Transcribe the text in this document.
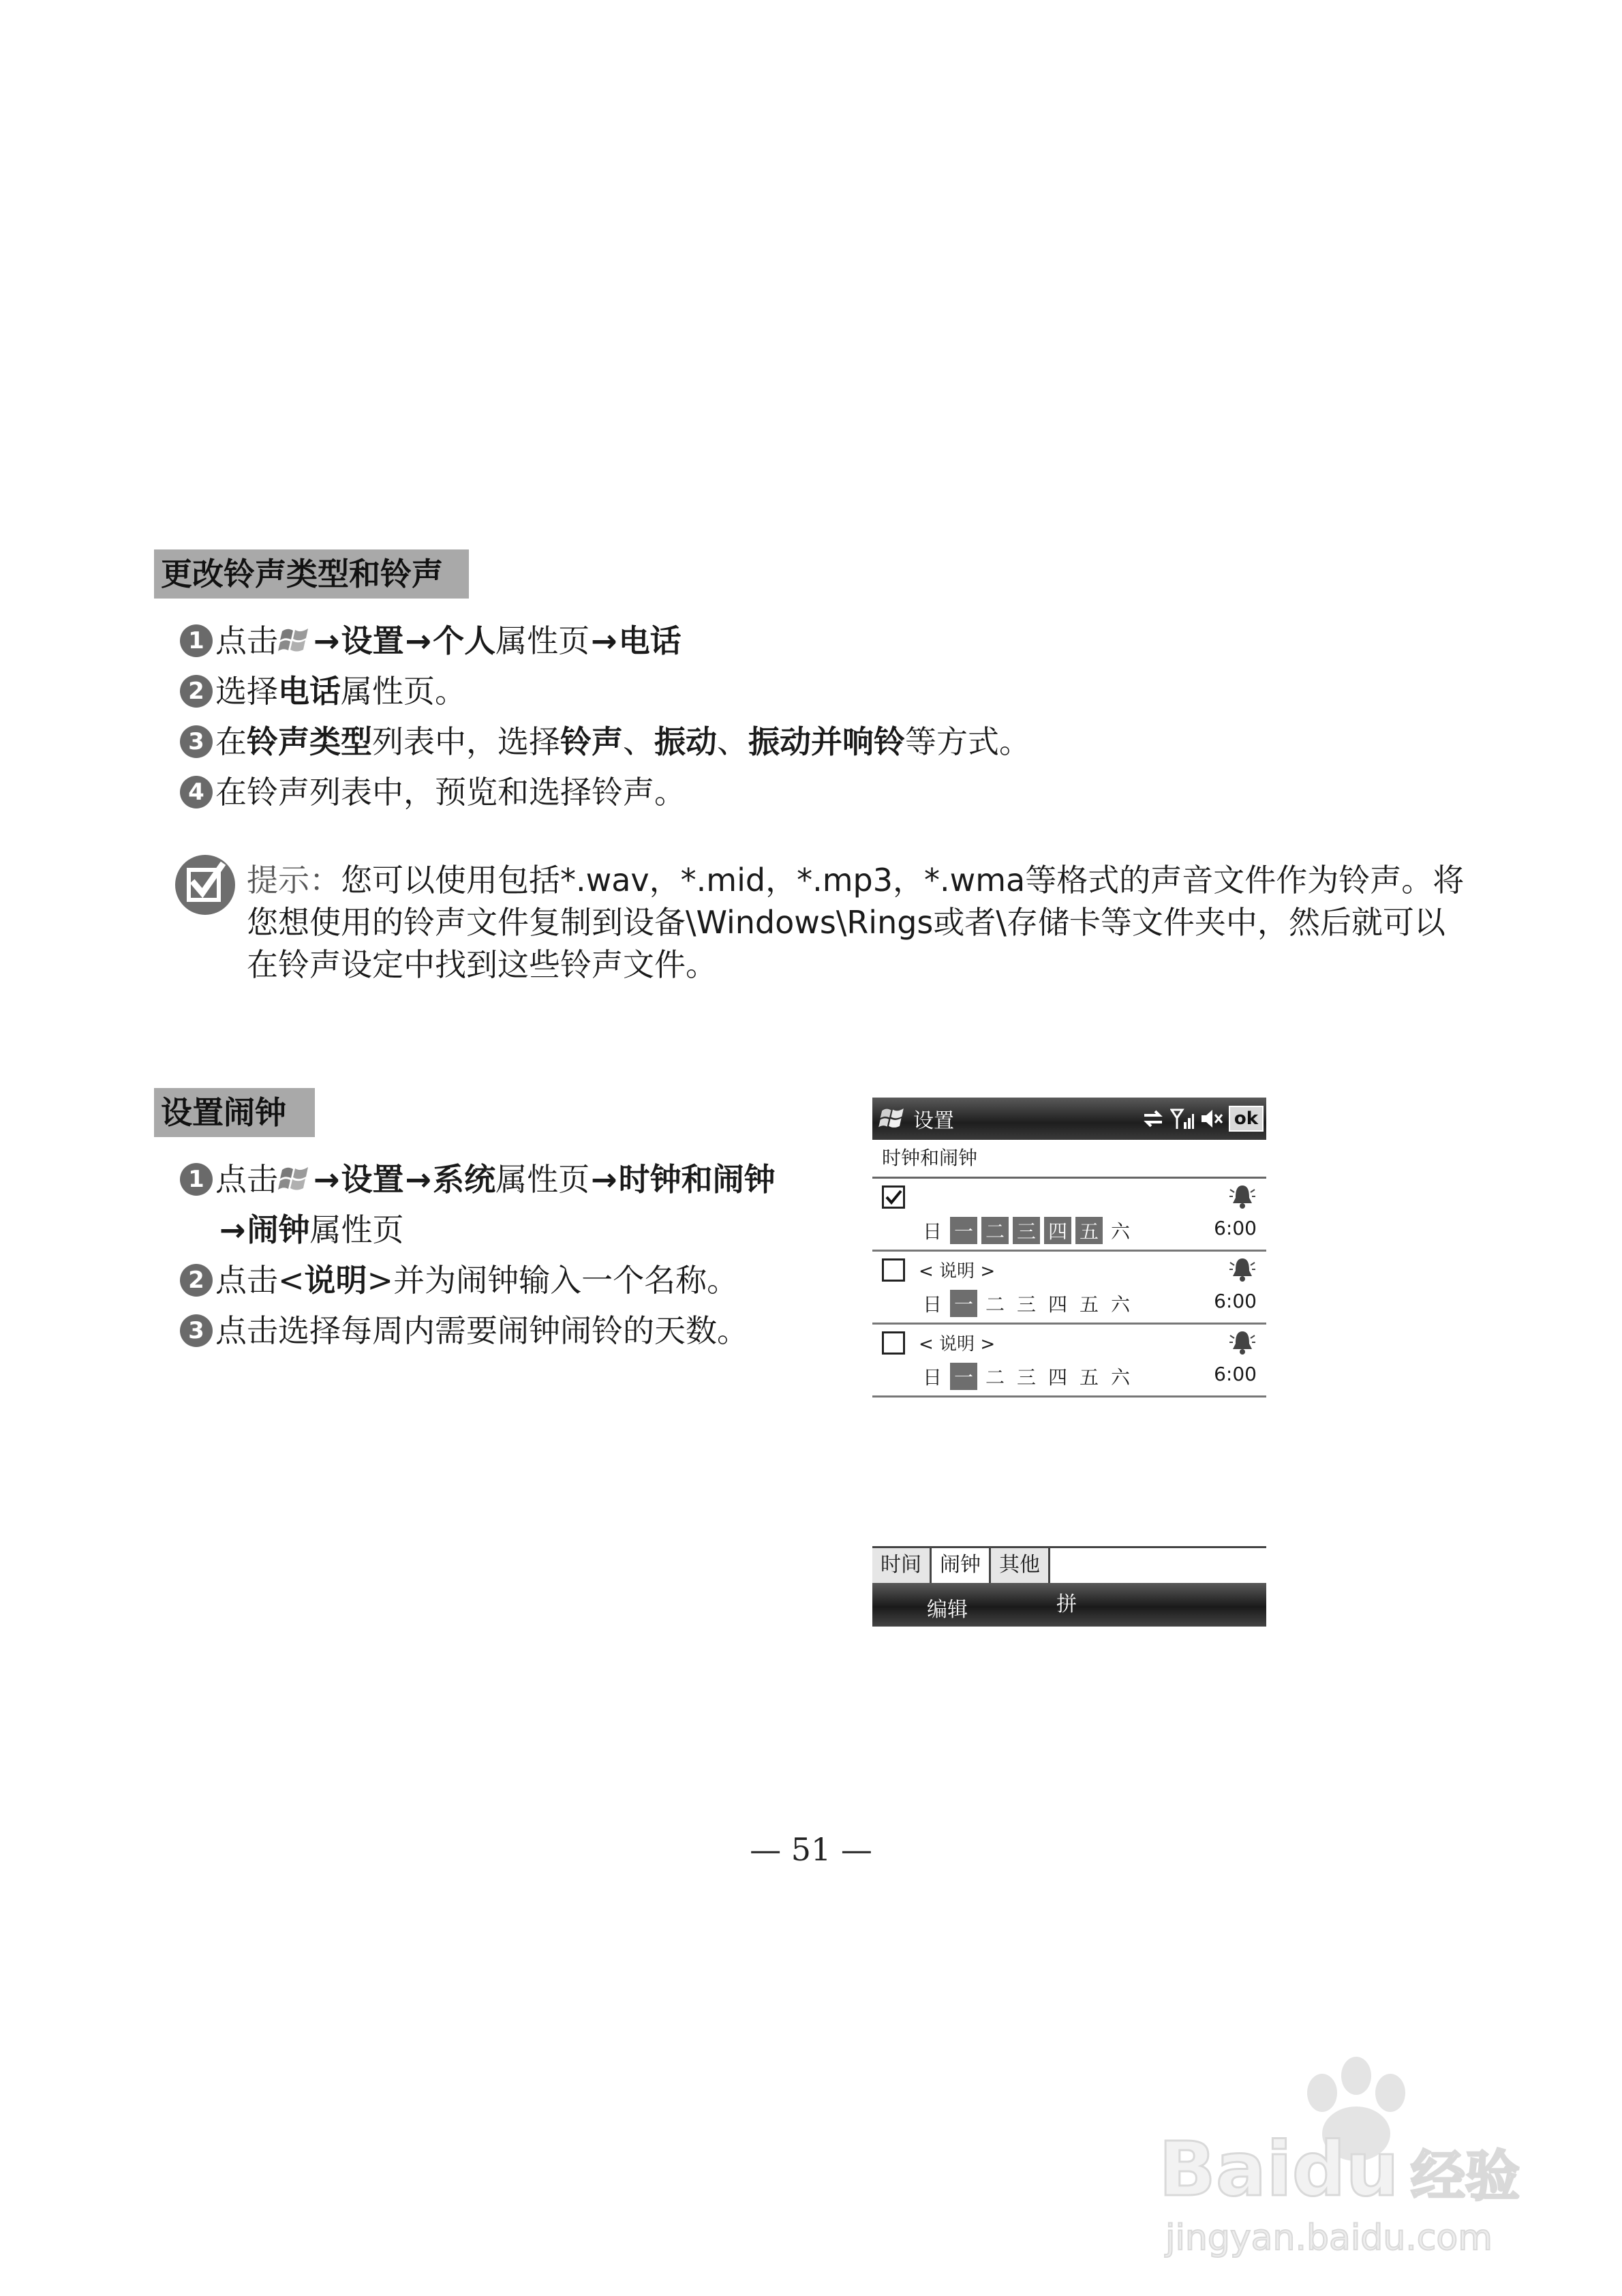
更改铃声类型和铃声
1 点击 → 设置 → 个人 属性页 → 电话
2 选择 电话 属性页。
3 在 铃声类型 列表中，选择 铃声 、 振动 、 振动并响铃 等方式。
4 在铃声列表中，预览和选择铃声。
提示：您可以使用包括*.wav，*.mid，*.mp3，*.wma等格式的声音文件作为铃声。将
您想使用的铃声文件复制到设备\Windows\Rings或者\存储卡等文件夹中，然后就可以
在铃声设定中找到这些铃声文件。
设置闹钟
1 点击 → 设置 → 系统 属性页 → 时钟和闹钟
→ 闹钟 属性页
2 点击 < 说明 >并为闹钟输入一个名称。
3 点击选择每周内需要闹钟闹铃的天数。
设置	ok
时钟和闹钟
日 一 二 三 四 五 六	6:00
< 说明 >
日 一 二 三 四 五 六	6:00
< 说明 >
日 一 二 三 四 五 六	6:00
时间 闹钟 其他
编辑	拼
— 51 —
Baidu 经验
jingyan.baidu.com
